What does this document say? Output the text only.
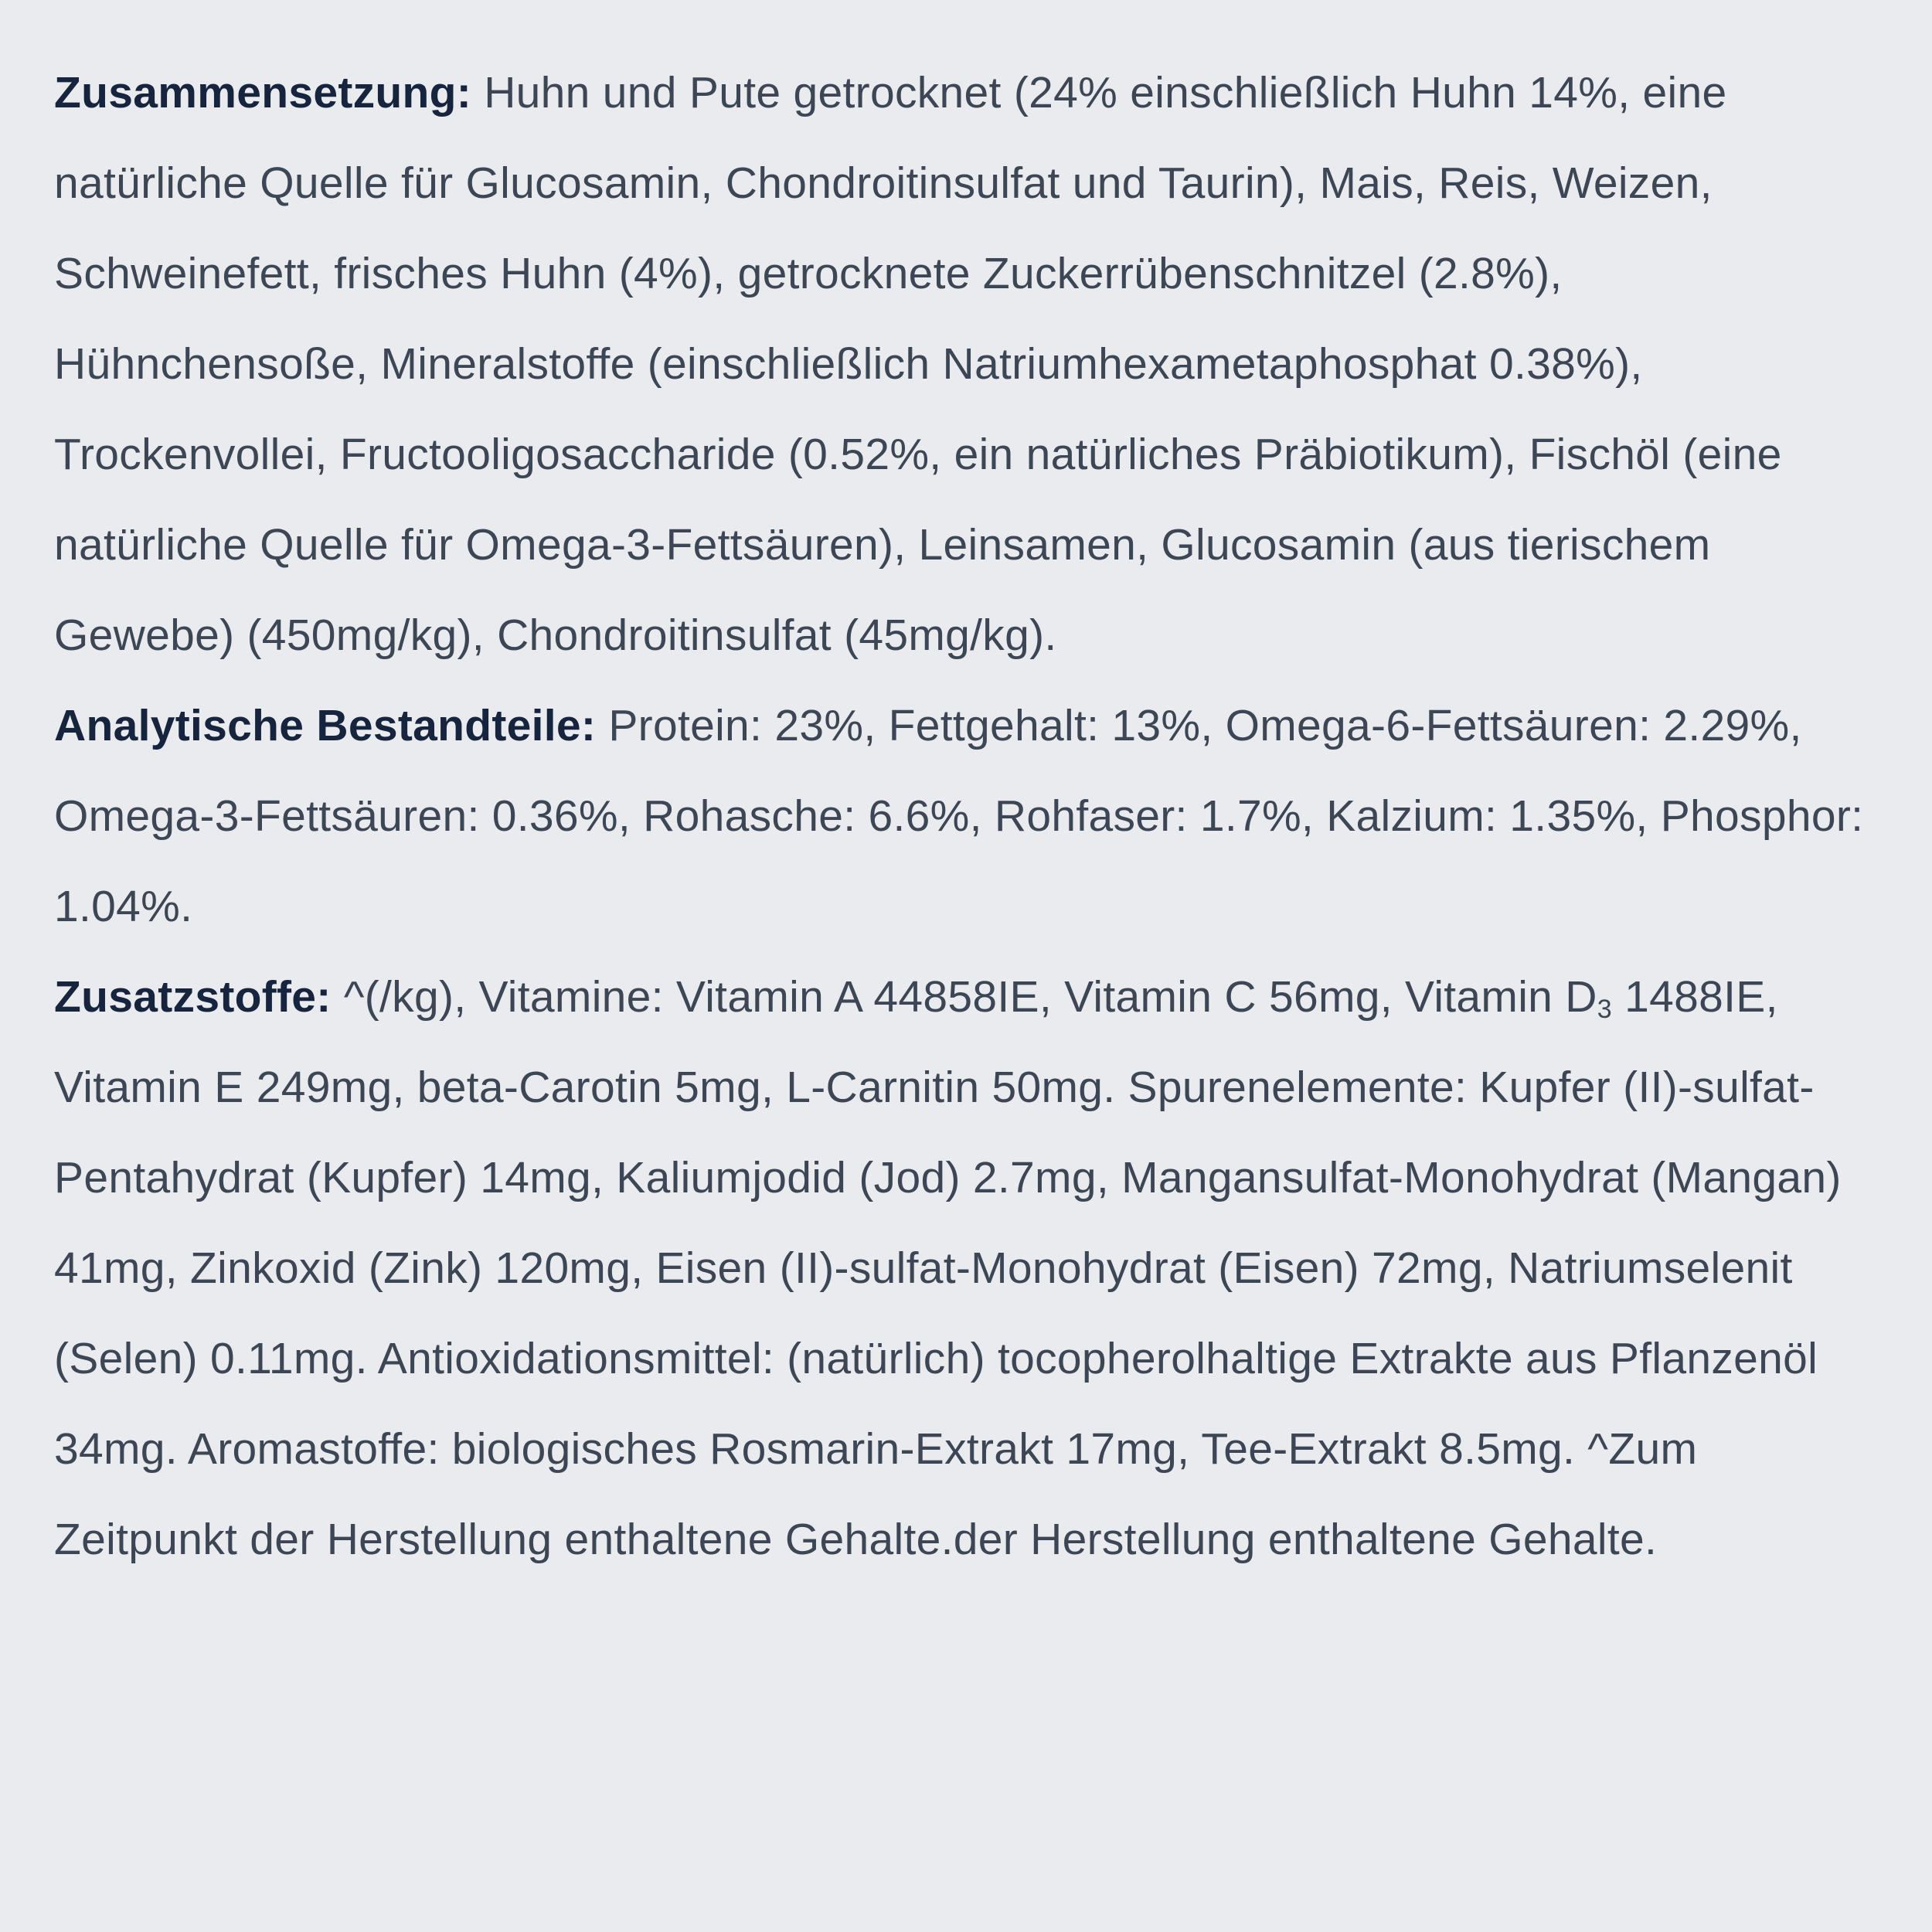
Zusammensetzung: Huhn und Pute getrocknet (24% einschließlich Huhn 14%, eine natürliche Quelle für Glucosamin, Chondroitinsulfat und Taurin), Mais, Reis, Weizen, Schweinefett, frisches Huhn (4%), getrocknete Zuckerrübenschnitzel (2.8%), Hühnchensoße, Mineralstoffe (einschließlich Natriumhexametaphosphat 0.38%), Trockenvollei, Fructooligosaccharide (0.52%, ein natürliches Präbiotikum), Fischöl (eine natürliche Quelle für Omega-3-Fettsäuren), Leinsamen, Glucosamin (aus tierischem Gewebe) (450mg/kg), Chondroitinsulfat (45mg/kg).

Analytische Bestandteile: Protein: 23%, Fettgehalt: 13%, Omega-6-Fettsäuren: 2.29%, Omega-3-Fettsäuren: 0.36%, Rohasche: 6.6%, Rohfaser: 1.7%, Kalzium: 1.35%, Phosphor: 1.04%.

Zusatzstoffe: ^(/kg), Vitamine: Vitamin A 44858IE, Vitamin C 56mg, Vitamin $D_3$ 1488IE, Vitamin E 249mg, beta-Carotin 5mg, L-Carnitin 50mg. Spurenelemente: Kupfer (II)-sulfat-Pentahydrat (Kupfer) 14mg, Kaliumjodid (Jod) 2.7mg, Mangansulfat-Monohydrat (Mangan) 41mg, Zinkoxid (Zink) 120mg, Eisen (II)-sulfat-Monohydrat (Eisen) 72mg, Natriumselenit (Selen) 0.11mg. Antioxidationsmittel: (natürlich) tocopherolhaltige Extrakte aus Pflanzenöl 34mg. Aromastoffe: biologisches Rosmarin-Extrakt 17mg, Tee-Extrakt 8.5mg. ^Zum Zeitpunkt der Herstellung enthaltene Gehalte.der Herstellung enthaltene Gehalte.
